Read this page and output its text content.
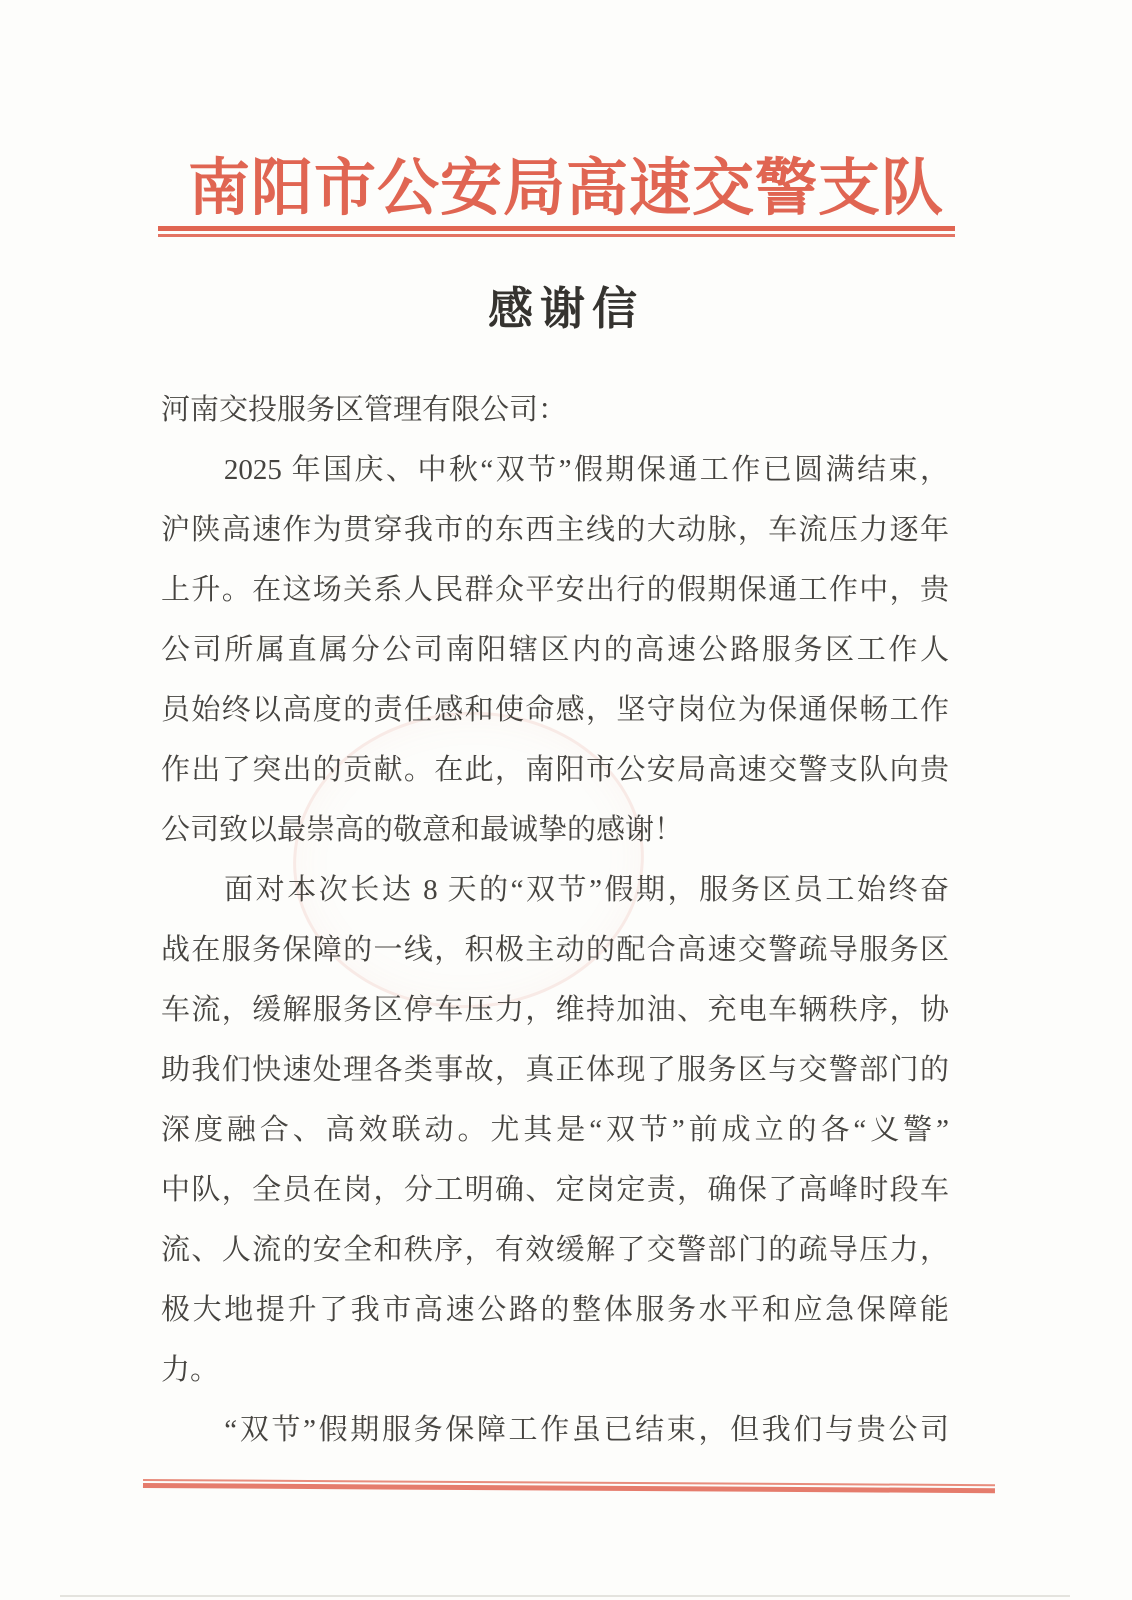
南阳市公安局高速交警支队
感谢信
河南交投服务区管理有限公司：
　　2025 年国庆、中秋“双节”假期保通工作已圆满结束，
沪陕高速作为贯穿我市的东西主线的大动脉，车流压力逐年
上升。在这场关系人民群众平安出行的假期保通工作中，贵
公司所属直属分公司南阳辖区内的高速公路服务区工作人
员始终以高度的责任感和使命感，坚守岗位为保通保畅工作
作出了突出的贡献。在此，南阳市公安局高速交警支队向贵
公司致以最崇高的敬意和最诚挚的感谢！
　　面对本次长达 8 天的“双节”假期，服务区员工始终奋
战在服务保障的一线，积极主动的配合高速交警疏导服务区
车流，缓解服务区停车压力，维持加油、充电车辆秩序，协
助我们快速处理各类事故，真正体现了服务区与交警部门的
深度融合、高效联动。尤其是“双节”前成立的各“义警”
中队，全员在岗，分工明确、定岗定责，确保了高峰时段车
流、人流的安全和秩序，有效缓解了交警部门的疏导压力，
极大地提升了我市高速公路的整体服务水平和应急保障能
力。
　　“双节”假期服务保障工作虽已结束，但我们与贵公司
